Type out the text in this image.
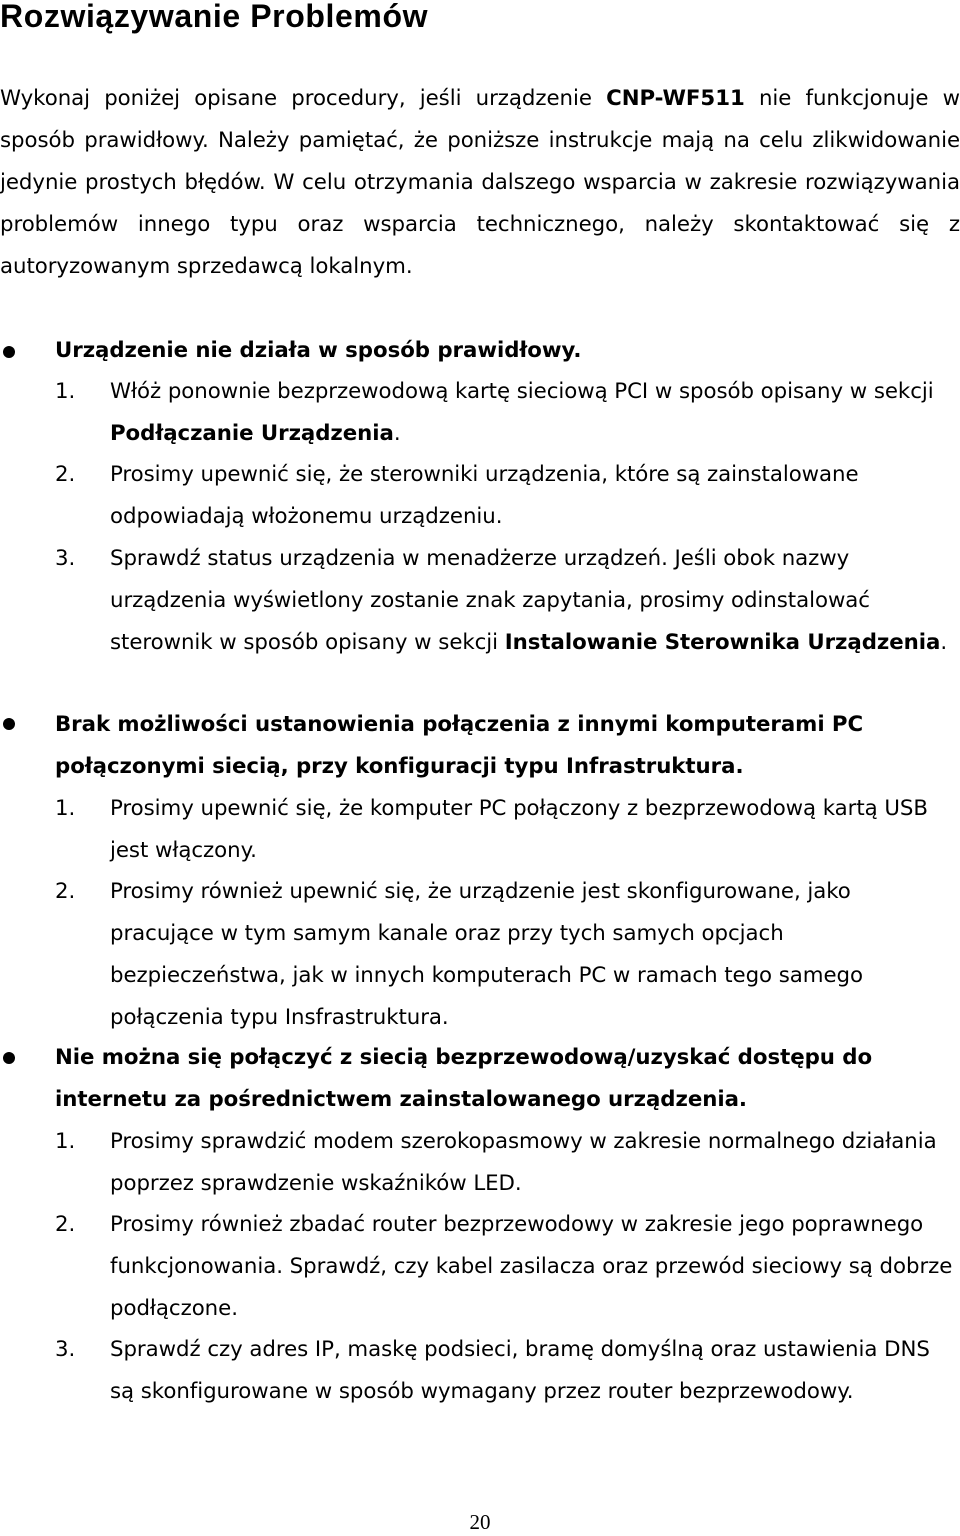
Rozwiązywanie Problemów

Wykonaj poniżej opisane procedury, jeśli urządzenie CNP-WF511 nie funkcjonuje w sposób prawidłowy. Należy pamiętać, że poniższe instrukcje mają na celu zlikwidowanie jedynie prostych błędów. W celu otrzymania dalszego wsparcia w zakresie rozwiązywania problemów innego typu oraz wsparcia technicznego, należy skontaktować się z autoryzowanym sprzedawcą lokalnym.

Urządzenie nie działa w sposób prawidłowy.

1.	Włóż ponownie bezprzewodową kartę sieciową PCI w sposób opisany w sekcji Podłączanie Urządzenia.

2.	Prosimy upewnić się, że sterowniki urządzenia, które są zainstalowane odpowiadają włożonemu urządzeniu.

3.	Sprawdź status urządzenia w menadżerze urządzeń. Jeśli obok nazwy urządzenia wyświetlony zostanie znak zapytania, prosimy odinstalować sterownik w sposób opisany w sekcji Instalowanie Sterownika Urządzenia.

Brak możliwości ustanowienia połączenia z innymi komputerami PC połączonymi siecią, przy konfiguracji typu Infrastruktura.

1.	Prosimy upewnić się, że komputer PC połączony z bezprzewodową kartą USB jest włączony.

2.	Prosimy również upewnić się, że urządzenie jest skonfigurowane, jako pracujące w tym samym kanale oraz przy tych samych opcjach bezpieczeństwa, jak w innych komputerach PC w ramach tego samego połączenia typu Insfrastruktura.

Nie można się połączyć z siecią bezprzewodową/uzyskać dostępu do internetu za pośrednictwem zainstalowanego urządzenia.

1.	Prosimy sprawdzić modem szerokopasmowy w zakresie normalnego działania poprzez sprawdzenie wskaźników LED.

2.	Prosimy również zbadać router bezprzewodowy w zakresie jego poprawnego funkcjonowania. Sprawdź, czy kabel zasilacza oraz przewód sieciowy są dobrze podłączone.

3.	Sprawdź czy adres IP, maskę podsieci, bramę domyślną oraz ustawienia DNS są skonfigurowane w sposób wymagany przez router bezprzewodowy.

20
